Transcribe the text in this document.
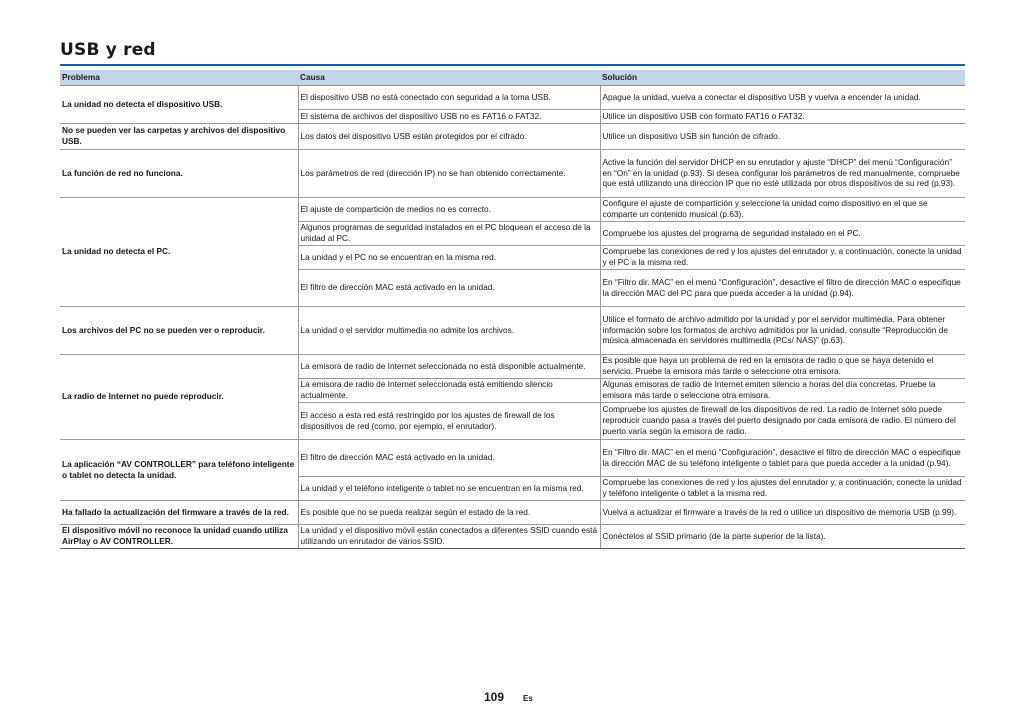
USB y red
Problema	Causa	Solución
La unidad no detecta el dispositivo USB.	El dispositivo USB no está conectado con seguridad a la toma USB.	Apague la unidad, vuelva a conectar el dispositivo USB y vuelva a encender la unidad.
	El sistema de archivos del dispositivo USB no es FAT16 o FAT32.	Utilice un dispositivo USB con formato FAT16 o FAT32.
No se pueden ver las carpetas y archivos del dispositivo USB.	Los datos del dispositivo USB están protegidos por el cifrado.	Utilice un dispositivo USB sin función de cifrado.
La función de red no funciona.	Los parámetros de red (dirección IP) no se han obtenido correctamente.	Active la función del servidor DHCP en su enrutador y ajuste “DHCP” del menú “Configuración” en “On” en la unidad (p.93). Si desea configurar los parámetros de red manualmente, compruebe que está utilizando una dirección IP que no esté utilizada por otros dispositivos de su red (p.93).
La unidad no detecta el PC.	El ajuste de compartición de medios no es correcto.	Configure el ajuste de compartición y seleccione la unidad como dispositivo en el que se comparte un contenido musical (p.63).
	Algunos programas de seguridad instalados en el PC bloquean el acceso de la unidad al PC.	Compruebe los ajustes del programa de seguridad instalado en el PC.
	La unidad y el PC no se encuentran en la misma red.	Compruebe las conexiones de red y los ajustes del enrutador y, a continuación, conecte la unidad y el PC a la misma red.
	El filtro de dirección MAC está activado en la unidad.	En “Filtro dir. MAC” en el menú “Configuración”, desactive el filtro de dirección MAC o especifique la dirección MAC del PC para que pueda acceder a la unidad (p.94).
Los archivos del PC no se pueden ver o reproducir.	La unidad o el servidor multimedia no admite los archivos.	Utilice el formato de archivo admitido por la unidad y por el servidor multimedia. Para obtener información sobre los formatos de archivo admitidos por la unidad, consulte “Reproducción de música almacenada en servidores multimedia (PCs/ NAS)” (p.63).
La radio de Internet no puede reproducir.	La emisora de radio de Internet seleccionada no está disponible actualmente.	Es posible que haya un problema de red en la emisora de radio o que se haya detenido el servicio. Pruebe la emisora más tarde o seleccione otra emisora.
	La emisora de radio de Internet seleccionada está emitiendo silencio actualmente.	Algunas emisoras de radio de Internet emiten silencio a horas del día concretas. Pruebe la emisora más tarde o seleccione otra emisora.
	El acceso a esta red está restringido por los ajustes de firewall de los dispositivos de red (como, por ejemplo, el enrutador).	Compruebe los ajustes de firewall de los dispositivos de red. La radio de Internet sólo puede reproducir cuando pasa a través del puerto designado por cada emisora de radio. El número del puerto varía según la emisora de radio.
La aplicación “AV CONTROLLER” para teléfono inteligente o tablet no detecta la unidad.	El filtro de dirección MAC está activado en la unidad.	En “Filtro dir. MAC” en el menú “Configuración”, desactive el filtro de dirección MAC o especifique la dirección MAC de su teléfono inteligente o tablet para que pueda acceder a la unidad (p.94).
	La unidad y el teléfono inteligente o tablet no se encuentran en la misma red.	Compruebe las conexiones de red y los ajustes del enrutador y, a continuación, conecte la unidad y teléfono inteligente o tablet a la misma red.
Ha fallado la actualización del firmware a través de la red.	Es posible que no se pueda realizar según el estado de la red.	Vuelva a actualizar el firmware a través de la red o utilice un dispositivo de memoria USB (p.99).
El dispositivo móvil no reconoce la unidad cuando utiliza AirPlay o AV CONTROLLER.	La unidad y el dispositivo móvil están conectados a diferentes SSID cuando está utilizando un enrutador de varios SSID.	Conéctelos al SSID primario (de la parte superior de la lista).
109 Es
